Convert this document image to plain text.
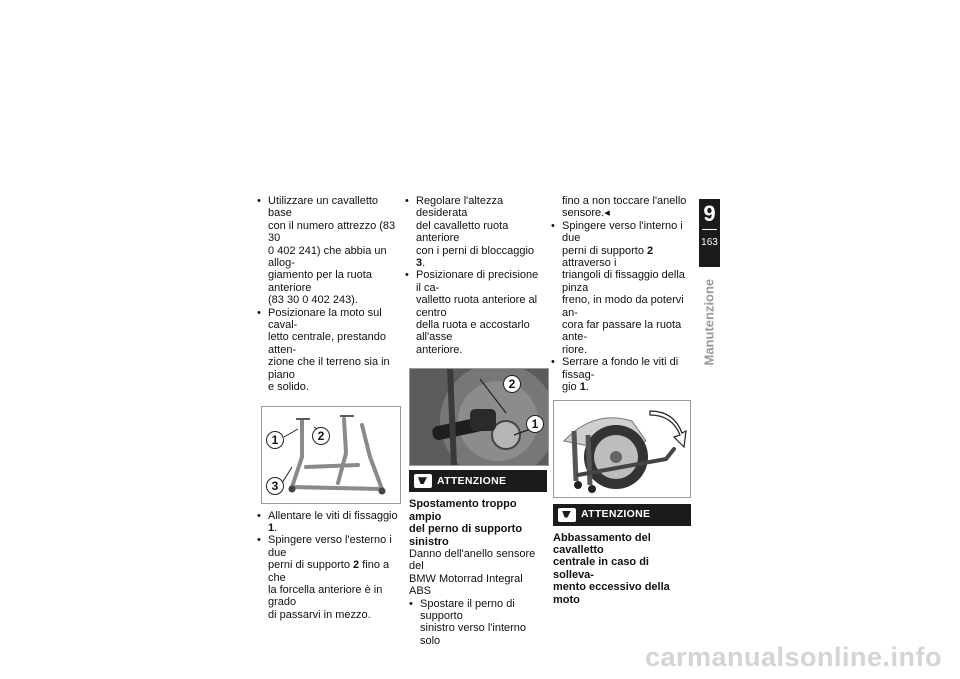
• Utilizzare un cavalletto base
con il numero attrezzo (83 30
0 402 241) che abbia un allog-
giamento per la ruota anteriore
(83 30 0 402 243).

• Posizionare la moto sul caval-
letto centrale, prestando atten-
zione che il terreno sia in piano
e solido.

1	2
3

• Allentare le viti di fissaggio 1.

• Spingere verso l'esterno i due
perni di supporto 2 fino a che
la forcella anteriore è in grado
di passarvi in mezzo.

• Regolare l'altezza desiderata
del cavalletto ruota anteriore
con i perni di bloccaggio 3.

• Posizionare di precisione il ca-
valletto ruota anteriore al centro
della ruota e accostarlo all'asse
anteriore.

2
1
ATTENZIONE

Spostamento troppo ampio
del perno di supporto sinistro

Danno dell'anello sensore del
BMW Motorrad Integral ABS

• Spostare il perno di supporto
sinistro verso l'interno solo

fino a non toccare l'anello
sensore.◂

• Spingere verso l'interno i due
perni di supporto 2 attraverso i
triangoli di fissaggio della pinza
freno, in modo da potervi an-
cora far passare la ruota ante-
riore.

• Serrare a fondo le viti di fissag-
gio 1.

ATTENZIONE

Abbassamento del cavalletto
centrale in caso di solleva-
mento eccessivo della moto

9
163
Manutenzione
carmanualsonline.info
